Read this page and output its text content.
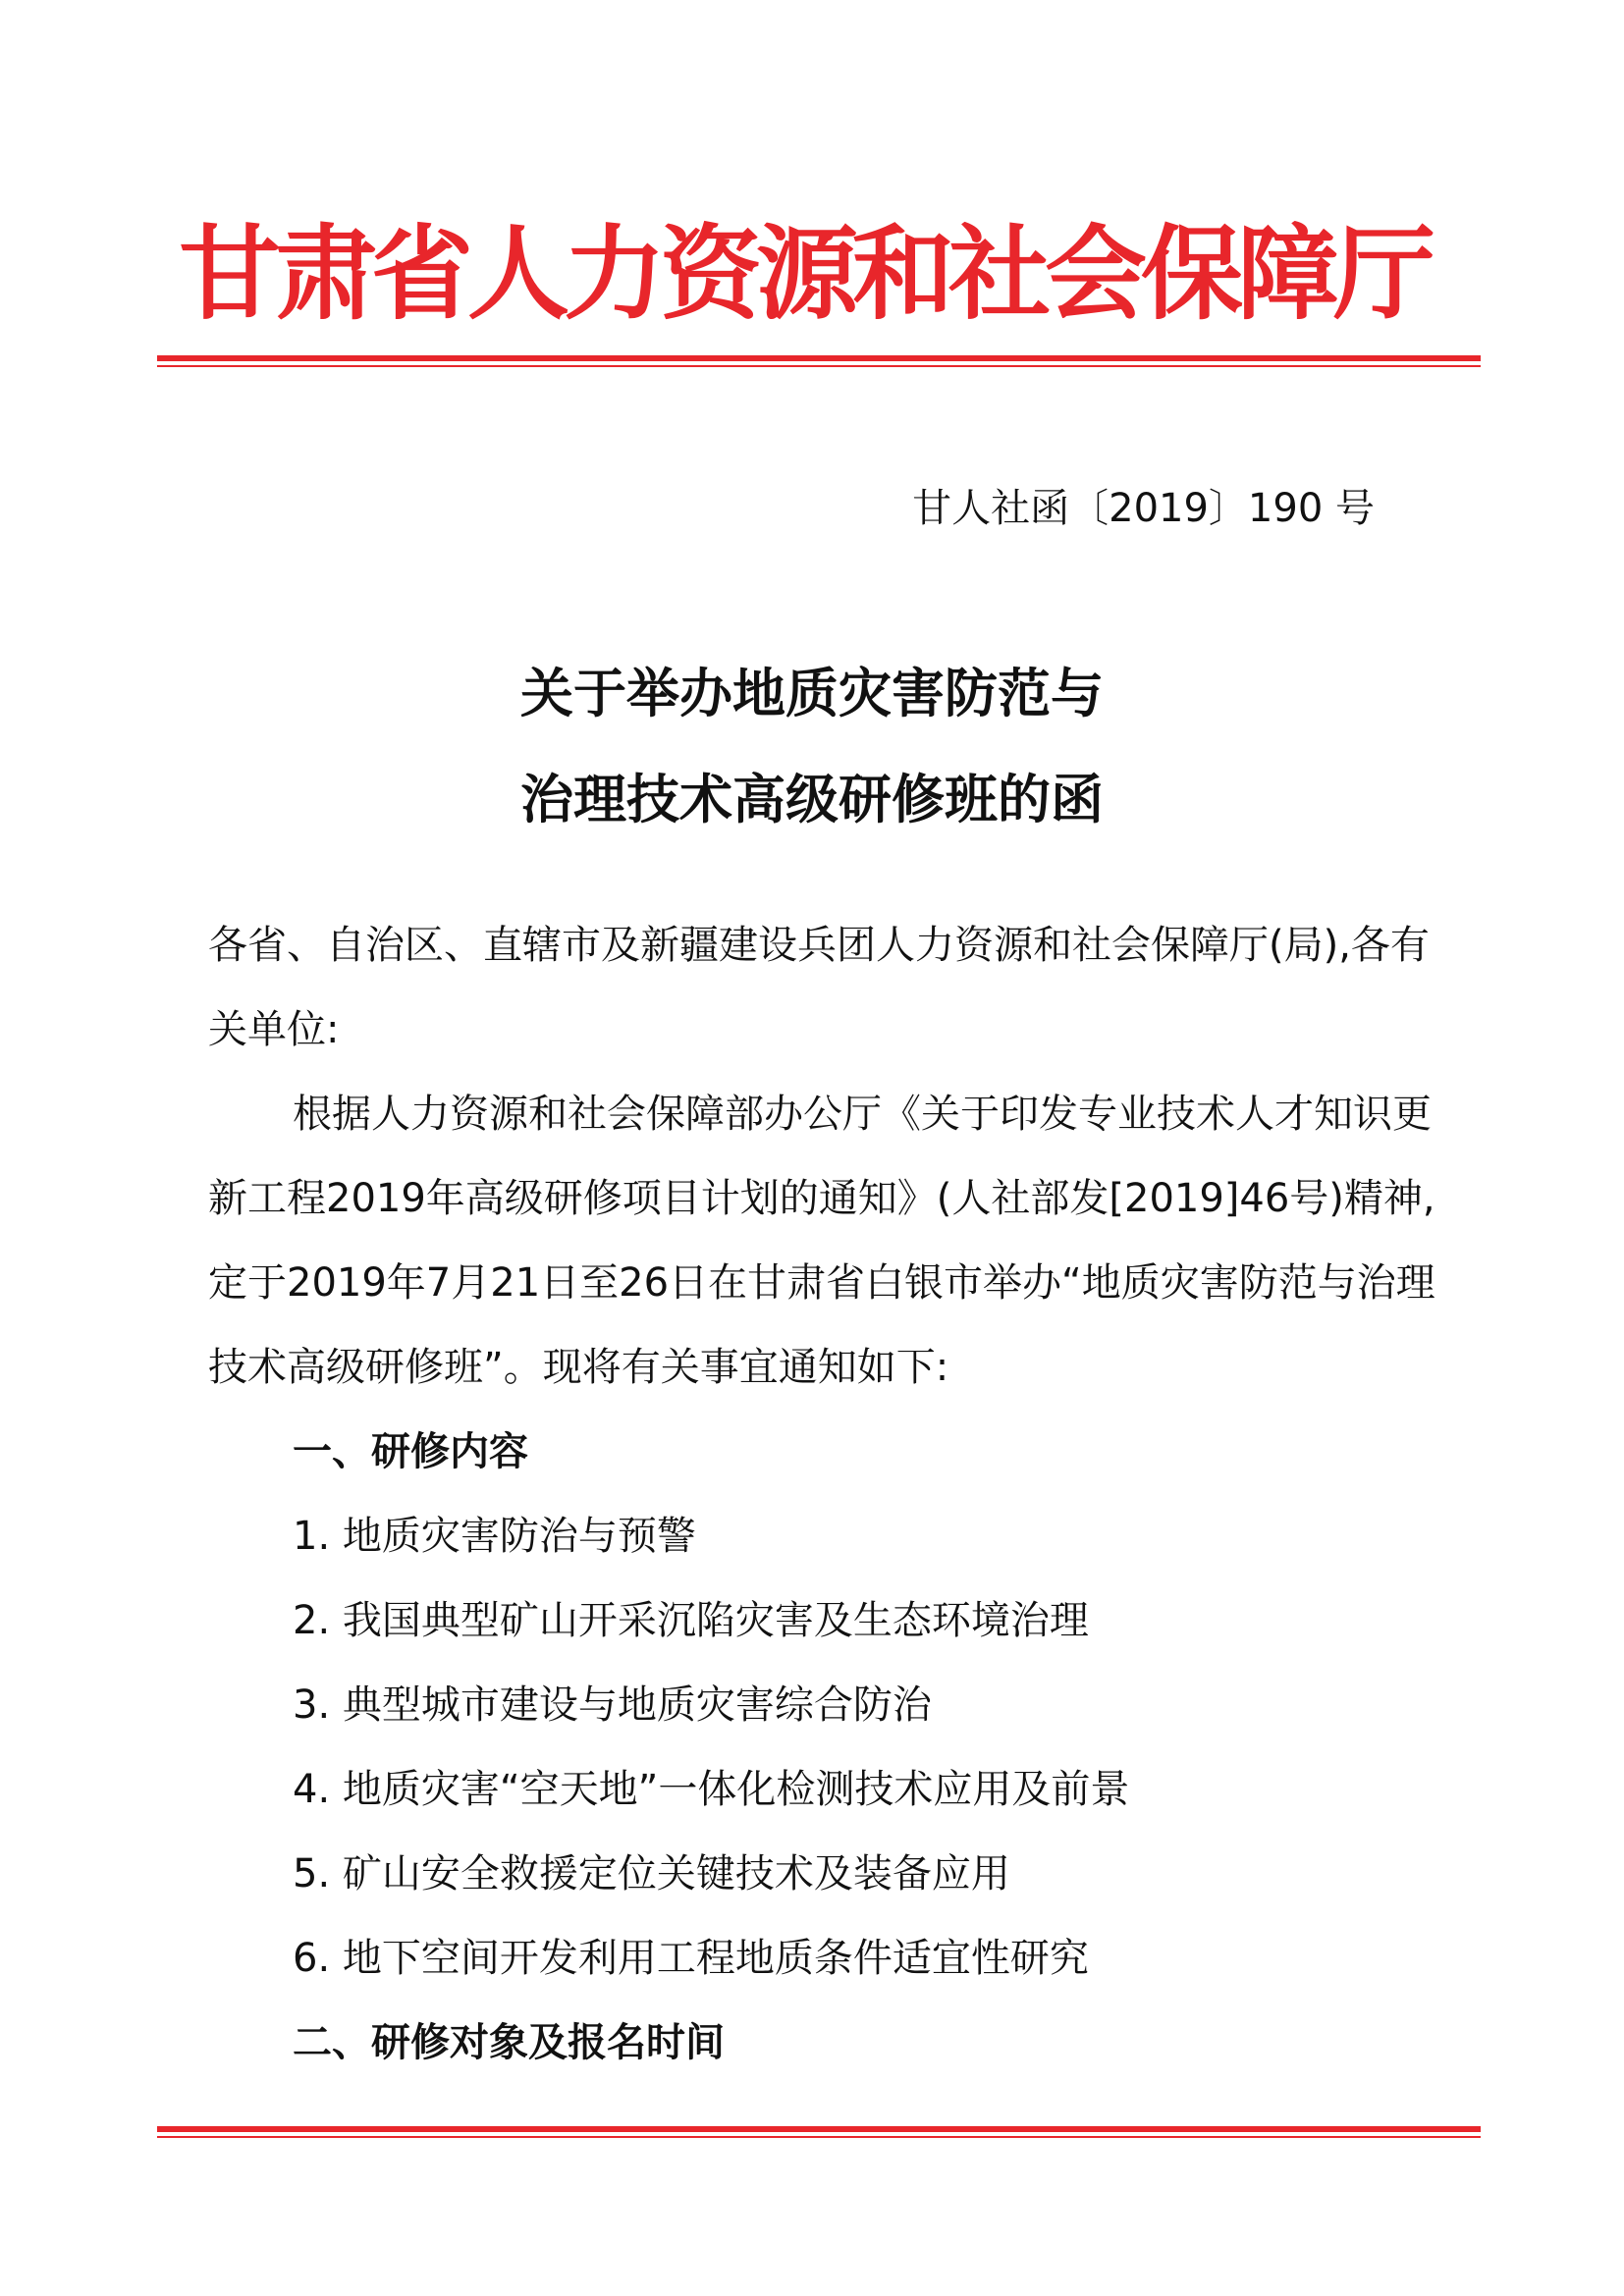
甘肃省人力资源和社会保障厅
甘人社函〔2019〕190 号
关于举办地质灾害防范与
治理技术高级研修班的函

各省、自治区、直辖市及新疆建设兵团人力资源和社会保障厅(局),各有关单位:

根据人力资源和社会保障部办公厅《关于印发专业技术人才知识更新工程2019年高级研修项目计划的通知》(人社部发[2019]46号)精神,定于2019年7月21日至26日在甘肃省白银市举办“地质灾害防范与治理技术高级研修班”。现将有关事宜通知如下:

一、研修内容

1. 地质灾害防治与预警

2. 我国典型矿山开采沉陷灾害及生态环境治理

3. 典型城市建设与地质灾害综合防治

4. 地质灾害“空天地”一体化检测技术应用及前景

5. 矿山安全救援定位关键技术及装备应用

6. 地下空间开发利用工程地质条件适宜性研究

二、研修对象及报名时间
